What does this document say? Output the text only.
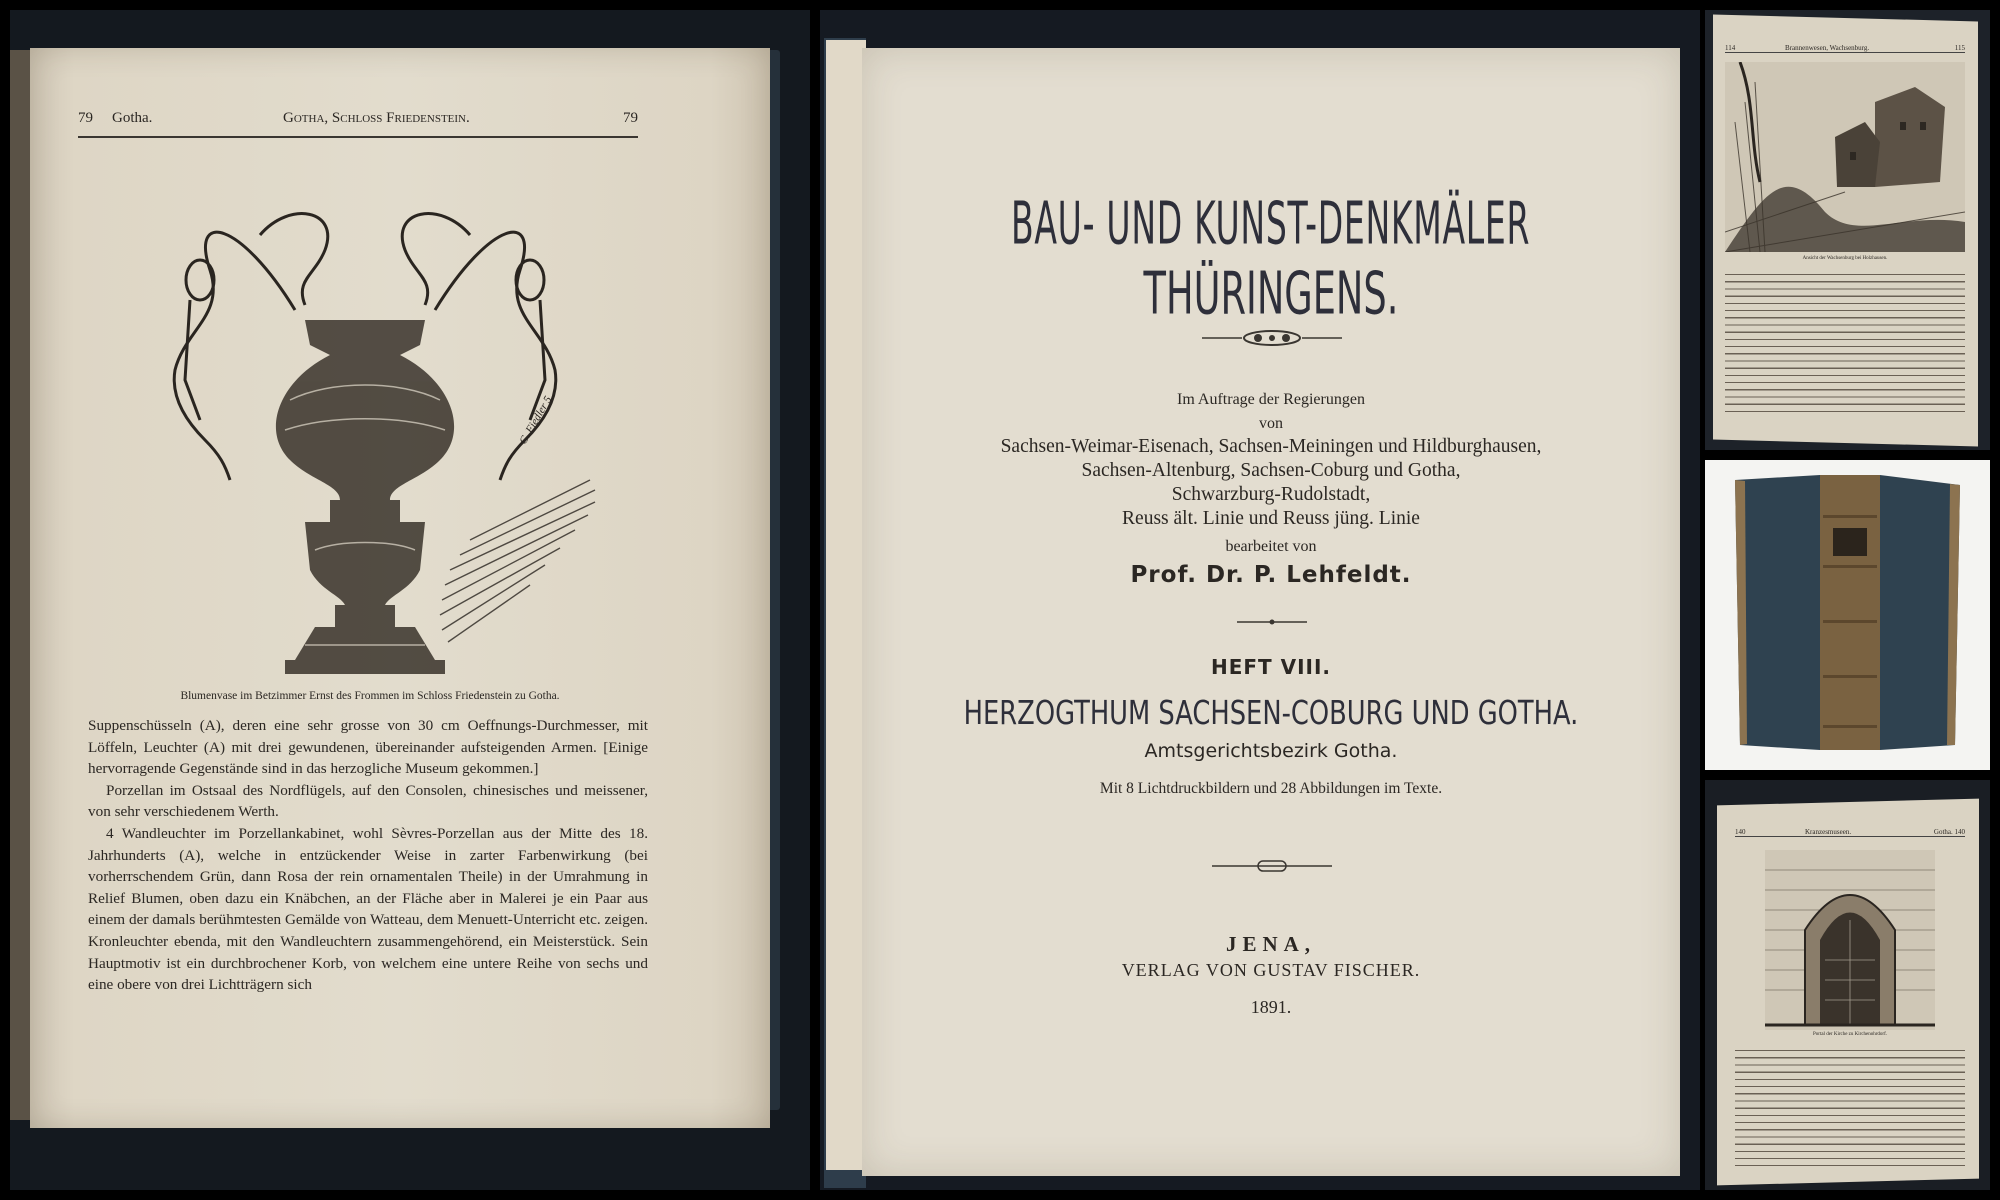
79 Gotha.	Gotha, Schloss Friedenstein.	79
C. Fiedler 5
Blumenvase im Betzimmer Ernst des Frommen im Schloss Friedenstein zu Gotha.

Suppenschüsseln (A), deren eine sehr grosse von 30 cm Oeffnungs-Durchmesser, mit Löffeln, Leuchter (A) mit drei gewundenen, übereinander aufsteigenden Armen. [Einige hervorragende Gegenstände sind in das herzogliche Museum gekommen.]

Porzellan im Ostsaal des Nordflügels, auf den Consolen, chinesisches und meissener, von sehr verschiedenem Werth.

4 Wandleuchter im Porzellankabinet, wohl Sèvres-Porzellan aus der Mitte des 18. Jahrhunderts (A), welche in entzückender Weise in zarter Farbenwirkung (bei vorherrschendem Grün, dann Rosa der rein ornamentalen Theile) in der Umrahmung in Relief Blumen, oben dazu ein Knäbchen, an der Fläche aber in Malerei je ein Paar aus einem der damals berühmtesten Gemälde von Watteau, dem Menuett-Unterricht etc. zeigen. Kronleuchter ebenda, mit den Wandleuchtern zusammengehörend, ein Meisterstück. Sein Hauptmotiv ist ein durchbrochener Korb, von welchem eine untere Reihe von sechs und eine obere von drei Lichtträgern sich

BAU- UND KUNST-DENKMÄLER
THÜRINGENS.
Im Auftrage der Regierungen
von
Sachsen-Weimar-Eisenach, Sachsen-Meiningen und Hildburghausen,
Sachsen-Altenburg, Sachsen-Coburg und Gotha,
Schwarzburg-Rudolstadt,
Reuss ält. Linie und Reuss jüng. Linie
bearbeitet von
Prof. Dr. P. Lehfeldt.
HEFT VIII.
HERZOGTHUM SACHSEN-COBURG UND GOTHA.
Amtsgerichtsbezirk Gotha.
Mit 8 Lichtdruckbildern und 28 Abbildungen im Texte.
JENA,
VERLAG VON GUSTAV FISCHER.
1891.
114	Brannenwesen, Wachsenburg.	115
Ansicht der Wachsenburg bei Holzhausen.
140	Kranzesmuseen.	Gotha. 140
Portal der Kirche zu Kirchenohrdorf.
